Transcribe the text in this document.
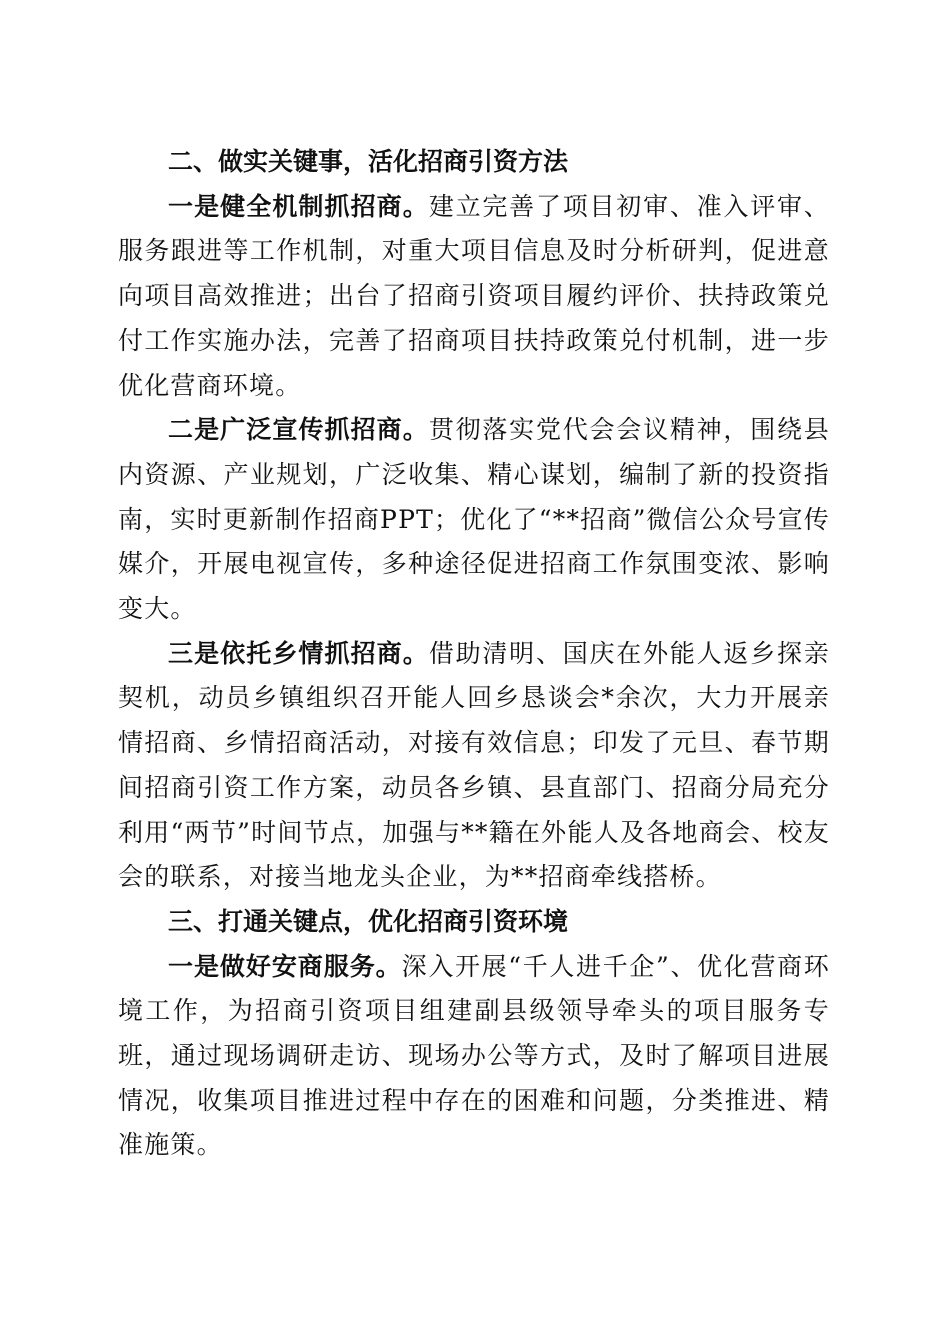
二、做实关键事，活化招商引资方法

一是健全机制抓招商。建立完善了项目初审、准入评审、服务跟进等工作机制，对重大项目信息及时分析研判，促进意向项目高效推进；出台了招商引资项目履约评价、扶持政策兑付工作实施办法，完善了招商项目扶持政策兑付机制，进一步优化营商环境。

二是广泛宣传抓招商。贯彻落实党代会会议精神，围绕县内资源、产业规划，广泛收集、精心谋划，编制了新的投资指南，实时更新制作招商PPT；优化了“**招商”微信公众号宣传媒介，开展电视宣传，多种途径促进招商工作氛围变浓、影响变大。

三是依托乡情抓招商。借助清明、国庆在外能人返乡探亲契机，动员乡镇组织召开能人回乡恳谈会*余次，大力开展亲情招商、乡情招商活动，对接有效信息；印发了元旦、春节期间招商引资工作方案，动员各乡镇、县直部门、招商分局充分利用“两节”时间节点，加强与**籍在外能人及各地商会、校友会的联系，对接当地龙头企业，为**招商牵线搭桥。

三、打通关键点，优化招商引资环境

一是做好安商服务。深入开展“千人进千企”、优化营商环境工作，为招商引资项目组建副县级领导牵头的项目服务专班，通过现场调研走访、现场办公等方式，及时了解项目进展情况，收集项目推进过程中存在的困难和问题，分类推进、精准施策。
